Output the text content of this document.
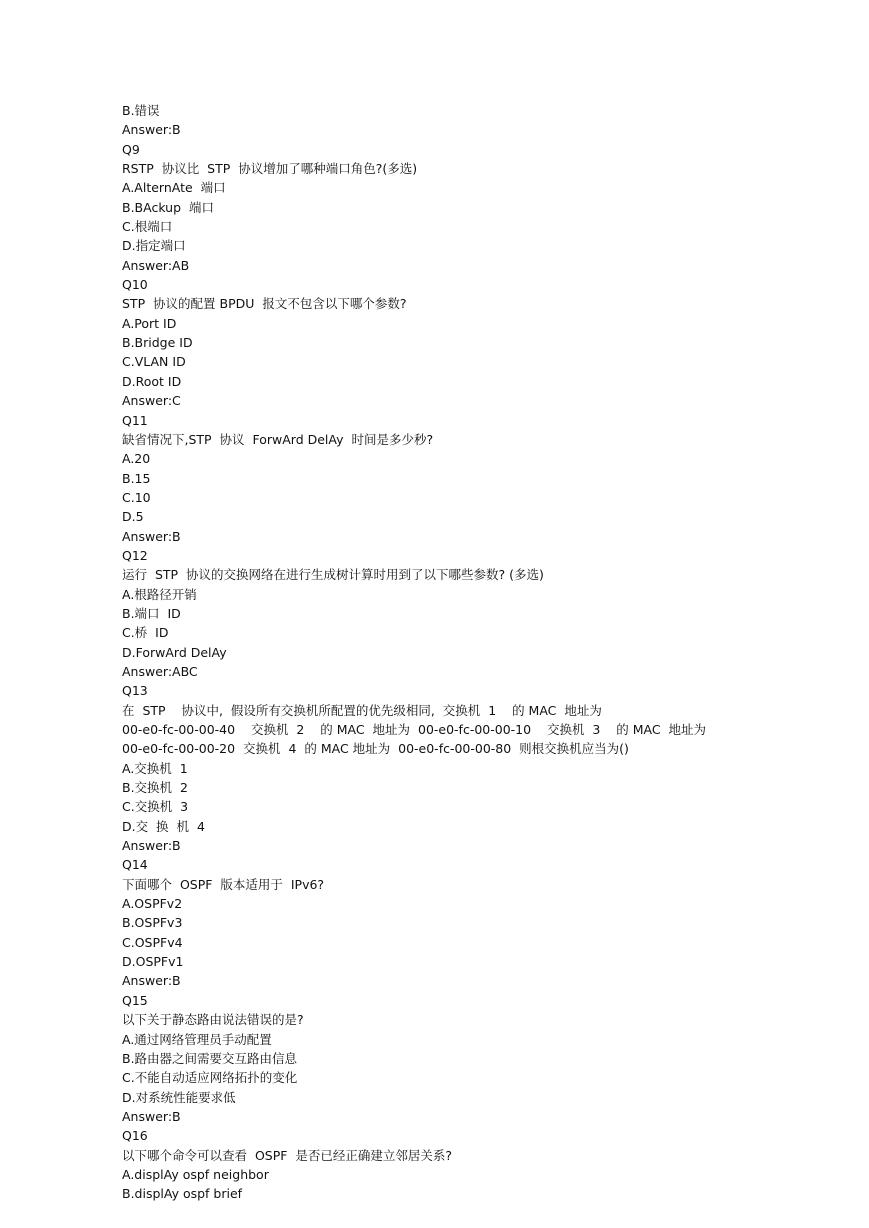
B.错误
Answer:B
Q9
RSTP  协议比  STP  协议增加了哪种端口角色?(多选)
A.AlternAte  端口
B.BAckup  端口
C.根端口
D.指定端口
Answer:AB
Q10
STP  协议的配置 BPDU  报文不包含以下哪个参数?
A.Port ID
B.Bridge ID
C.VLAN ID
D.Root ID
Answer:C
Q11
缺省情况下,STP  协议  ForwArd DelAy  时间是多少秒?
A.20
B.15
C.10
D.5
Answer:B
Q12
运行  STP  协议的交换网络在进行生成树计算时用到了以下哪些参数? (多选)
A.根路径开销
B.端口  ID
C.桥  ID
D.ForwArd DelAy
Answer:ABC
Q13
在  STP    协议中,  假设所有交换机所配置的优先级相同,  交换机  1    的 MAC  地址为
00-e0-fc-00-00-40    交换机  2    的 MAC  地址为  00-e0-fc-00-00-10    交换机  3    的 MAC  地址为
00-e0-fc-00-00-20  交换机  4  的 MAC 地址为  00-e0-fc-00-00-80  则根交换机应当为()
A.交换机  1
B.交换机  2
C.交换机  3
D.交  换  机  4
Answer:B
Q14
下面哪个  OSPF  版本适用于  IPv6?
A.OSPFv2
B.OSPFv3
C.OSPFv4
D.OSPFv1
Answer:B
Q15
以下关于静态路由说法错误的是?
A.通过网络管理员手动配置
B.路由器之间需要交互路由信息
C.不能自动适应网络拓扑的变化
D.对系统性能要求低
Answer:B
Q16
以下哪个命令可以查看  OSPF  是否已经正确建立邻居关系?
A.displAy ospf neighbor
B.displAy ospf brief
